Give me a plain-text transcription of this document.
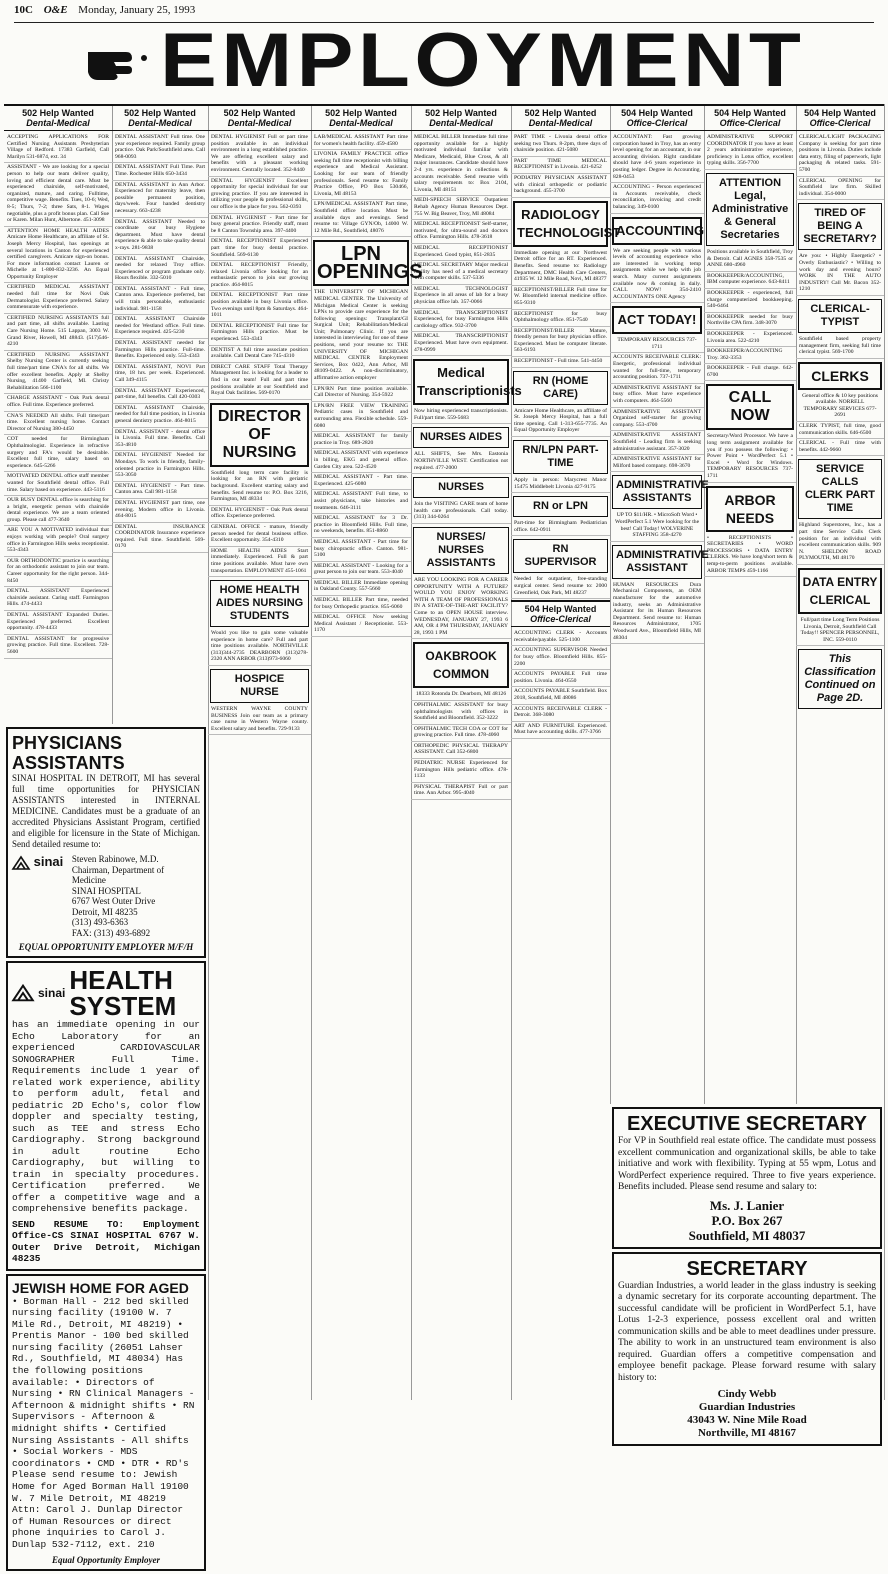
10C O&E Monday, January 25, 1993
EMPLOYMENT
502 Help Wanted
Dental-Medical
ACCEPTING APPLICATIONS FOR Certified Nursing Assistants Presbyterian Village of Redford. 17383 Garfield, Call Marilyn 531-6874, ext. 34
ASSISTANT - We are looking for a special person to help our team deliver quality, loving and efficient dental care. Must be experienced chairside, self-motivated, organized, mature, and caring. Fulltime, competitive wage. Benefits. Tues, 10-6; Wed, 8-5; Thurs, 7-2; three Sats, 8-1. Wages negotiable, plus a profit bonus plan. Call Sue or Karen. Milan Hunt, Albertone. 451-3098
ATTENTION HOME HEALTH AIDES Amicare Home Healthcare, an affiliate of St. Joseph Mercy Hospital, has openings at several locations in Canton for experienced certified caregivers. Amicare sign-on bonus. For more information contact Lauren or Michelle at 1-800-832-3236. An Equal Opportunity Employer
CERTIFIED MEDICAL ASSISTANT needed full time for Novi Oak Dermatologist. Experience preferred. Salary commensurate with experience.
CERTIFIED NURSING ASSISTANTS full and part time, all shifts available. Lasting Care Nursing Home. 515 Lappan, 3003 W. Grand River, Howell, MI 48843. (517)546-4210
CERTIFIED NURSING ASSISTANT Shelby Nursing Center is currently seeking full time/part time CNA's for all shifts. We offer excellent benefits. Apply at Shelby Nursing, 41400 Garfield, MI. Christy Rehabilitation 566-1100
CHARGE ASSISTANT - Oak Park dental office. Full time. Experience preferred.
CNA'S NEEDED All shifts. Full time/part time. Excellent nursing home. Contact Director of Nursing 380-4450
COT needed for Birmingham Ophthalmologist. Experience in refractive surgery and FA's would be desirable. Excellent full time, salary based on experience. 645-5266
MOTIVATED DENTAL office staff member wanted for Southfield dental office. Full time. Salary based on experience. 443-5116
OUR BUSY DENTAL office is searching for a bright, energetic person with chairside dental experience. We are a team oriented group. Please call 477-3640
ARE YOU A MOTIVATED individual that enjoys working with people? Oral surgery office in Farmington Hills seeks receptionist. 553-4343
OUR ORTHODONTIC practice is searching for an orthodontic assistant to join our team. Career opportunity for the right person. 344-8450
DENTAL ASSISTANT Experienced chairside assistant. Caring staff. Farmington Hills. 474-4433
DENTAL ASSISTANT Expanded Duties. Experienced preferred. Excellent opportunity. 478-4433
DENTAL ASSISTANT for progressive growing practice. Full time. Excellent. 728-5600
502 Help Wanted
Dental-Medical
DENTAL ASSISTANT Full time. One year experience required. Family group practice. Oak Park/Southfield area. Call 968-0093
DENTAL ASSISTANT Full Time. Part Time. Rochester Hills 650-3434
DENTAL ASSISTANT in Ann Arbor. Experienced for maternity leave, then possible permanent position, days/week. Four handed dentistry necessary. 663-4238
DENTAL ASSISTANT Needed to coordinate our busy Hygiene department. Must have dental experience & able to take quality dental x-rays. 281-9838
DENTAL ASSISTANT Chairside, needed for relaxed Troy office. Experienced or program graduate only. Hours flexible. 332-5010
DENTAL ASSISTANT - Full time, Canton area. Experience preferred, but will train personable, enthusiastic individual. 981-1158
DENTAL ASSISTANT Chairside needed for Westland office. Full time. Experience required. 425-5230
DENTAL ASSISTANT needed for Farmington Hills practice. Full-time. Benefits. Experienced only. 553-4343
DENTAL ASSISTANT, NOVI Part time, 18 hrs. per week. Experienced. Call 349-4115
DENTAL ASSISTANT Experienced, part-time, full benefits. Call 420-0303
DENTAL ASSISTANT Chairside, needed for full time position, in Livonia general dentistry practice. 464-8015
DENTAL ASSISTANT - dental office in Livonia. Full time. Benefits. Call 353-4810
DENTAL HYGIENIST Needed for Mondays. To work in friendly, family-oriented practice in Farmington Hills. 553-3050
DENTAL HYGIENIST - Part time. Canton area. Call 981-1158
DENTAL HYGIENIST part time, one evening. Modern office in Livonia. 464-8015
DENTAL INSURANCE COORDINATOR Insurance experience required. Full time. Southfield. 569-0170
PHYSICIANS ASSISTANTS
SINAI HOSPITAL IN DETROIT, MI has several full time opportunities for PHYSICIAN ASSISTANTS interested in INTERNAL MEDICINE. Candidates must be a graduate of an accredited Physicians Assistant Program, certified and eligible for licensure in the State of Michigan. Send detailed resume to:
sinai Steven Rabinowe, M.D.
Chairman, Department of Medicine
SINAI HOSPITAL
6767 West Outer Drive
Detroit, MI 48235
(313) 493-6363
FAX: (313) 493-6892
EQUAL OPPORTUNITY EMPLOYER M/F/H
sinai HEALTH SYSTEM
has an immediate opening in our Echo Laboratory for an experienced CARDIOVASCULAR SONOGRAPHER Full Time. Requirements include 1 year of related work experience, ability to perform adult, fetal and pediatric 2D Echo's, color flow doppler and specialty testing, such as TEE and stress Echo Cardiography. Strong background in adult routine Echo Cardiography, but willing to train in specialty procedures. Certification preferred. We offer a competitive wage and a comprehensive benefits package.
SEND RESUME TO: Employment Office-CS SINAI HOSPITAL 6767 W. Outer Drive Detroit, Michigan 48235
JEWISH HOME FOR AGED
• Borman Hall - 212 bed skilled nursing facility (19100 W. 7 Mile Rd., Detroit, MI 48219) • Prentis Manor - 100 bed skilled nursing facility (26051 Lahser Rd., Southfield, MI 48034) Has the following positions available: • Directors of Nursing • RN Clinical Managers - Afternoon & midnight shifts • RN Supervisors - Afternoon & midnight shifts • Certified Nursing Assistants - All shifts • Social Workers - MDS coordinators • CMD • DTR • RD's Please send resume to: Jewish Home for Aged Borman Hall 19100 W. 7 Mile Detroit, MI 48219 Attn: Carol J. Dunlap Director of Human Resources or direct phone inquiries to Carol J. Dunlap 532-7112, ext. 210
Equal Opportunity Employer
502 Help Wanted
Dental-Medical
DENTAL HYGIENIST Full or part time position available in an individual environment in a long established practice. We are offering excellent salary and benefits with a pleasant working environment. Centrally located. 352-8440
DENTAL HYGIENIST Excellent opportunity for special individual for our growing practice. If you are interested in utilizing your people & professional skills, our office is the place for you. 562-0393
DENTAL HYGIENIST - Part time for busy general practice. Friendly staff, must be 8 Canton Township area. 397-4400
DENTAL RECEPTIONIST Experienced part time for busy dental practice. Southfield. 569-6130
DENTAL RECEPTIONIST Friendly, relaxed Livonia office looking for an enthusiastic person to join our growing practice. 464-8015
DENTAL RECEPTIONIST Part time position available in busy Livonia office. Two evenings until 8pm & Saturdays. 464-1011
DENTAL RECEPTIONIST Full time for Farmington Hills practice. Must be experienced. 553-4343
DENTIST A full time associate position available. Call Dental Care 745-4310
DIRECT CARE STAFF Total Therapy Management Inc. is looking for a leader to find in our team! Full and part time positions available at our Southfield and Royal Oak facilities. 569-0170
DIRECTOR OF NURSING
Southfield long term care facility is looking for an RN with geriatric background. Excellent starting salary and benefits. Send resume to: P.O. Box 3216, Farmington, MI 48334
DENTAL HYGIENIST - Oak Park dental office. Experience preferred.
GENERAL OFFICE - mature, friendly person needed for dental business office. Excellent opportunity. 354-4310
HOME HEALTH AIDES Start immediately. Experienced. Full & part time positions available. Must have own transportation. EMPLOYMENT 455-1061
HOME HEALTH AIDES NURSING STUDENTS
Would you like to gain some valuable experience in home care? Full and part time positions available. NORTHVILLE (313)344-2735 DEARBORN (313)278-2320 ANN ARBOR (313)973-6060
HOSPICE NURSE
WESTERN WAYNE COUNTY BUSINESS Join our team as a primary case nurse in Western Wayne county. Excellent salary and benefits. 729-9133
502 Help Wanted
Dental-Medical
LAB/MEDICAL ASSISTANT Part time for women's health facility. 459-4580
LIVONIA FAMILY PRACTICE office seeking full time receptionist with billing experience and Medical Assistant. Looking for our team of friendly professionals. Send resume to: Family Practice Office, PO Box 530466, Livonia, MI 48153
LPN/MEDICAL ASSISTANT Part time, Southfield office location. Must be available days and evenings. Send resume to: Village GYN/Ob, 14000 W. 12 Mile Rd., Southfield, 48076
LPN OPENINGS
THE UNIVERSITY OF MICHIGAN MEDICAL CENTER. The University of Michigan Medical Center is seeking LPNs to provide care experience for the following openings: Transplant/GI Surgical Unit; Rehabilitation/Medical Unit; Pulmonary Clinic. If you are interested in interviewing for one of these positions, send your resume to: THE UNIVERSITY OF MICHIGAN MEDICAL CENTER Employment Services, Box 0422, Ann Arbor, MI 48109-0422. A non-discriminatory, affirmative action employer
LPN/RN Part time position available. Call Director of Nursing. 354-5922
LPN/RN FREE VIEW TRAINING Pediatric cases in Southfield and surrounding area. Flexible schedule. 559-6080
MEDICAL ASSISTANT for family practice in Troy. 689-2820
MEDICAL ASSISTANT with experience in billing, EKG and general office. Garden City area. 522-4520
MEDICAL ASSISTANT - Part time. Experienced. 425-6080
MEDICAL ASSISTANT Full time, to assist physicians, take histories and treatments. 646-3111
MEDICAL ASSISTANT for 3 Dr. practice in Bloomfield Hills. Full time, no weekends, benefits. 851-8860
MEDICAL ASSISTANT - Part time for busy chiropractic office. Canton. 981-5100
MEDICAL ASSISTANT - Looking for a great person to join our team. 553-4040
MEDICAL BILLER Immediate opening in Oakland County. 557-5660
MEDICAL BILLER Part time, needed for busy Orthopedic practice. 855-6060
MEDICAL OFFICE Now seeking Medical Assistant / Receptionist. 553-1170
502 Help Wanted
Dental-Medical
MEDICAL BILLER Immediate full time opportunity available for a highly motivated individual familiar with Medicare, Medicaid, Blue Cross, & all major insurances. Candidate should have 2-4 yrs. experience in collections & accounts receivable. Send resume with salary requirements to: Box 2104, Livonia, MI 48151
MEDI-SPEECH SERVICE Outpatient Rehab Agency Human Resources Dept. 755 W. Big Beaver, Troy, MI 48084
MEDICAL RECEPTIONIST Self-starter, motivated, for ultra-sound and doctors office. Farmington Hills. 478-3618
MEDICAL RECEPTIONIST Experienced. Good typist, 851-2835
MEDICAL SECRETARY Major medical facility has need of a medical secretary with computer skills. 537-5336
MEDICAL TECHNOLOGIST Experience in all areas of lab for a busy physician office lab. 357-0066
MEDICAL TRANSCRIPTIONIST Experienced, for busy Farmington Hills cardiology office. 932-3700
MEDICAL TRANSCRIPTIONIST Experienced. Must have own equipment. 478-0999
Medical Transcriptionists
Now hiring experienced transcriptionists. Full/part time. 559-5683
NURSES AIDES
ALL SHIFTS, See Mrs. Eastonia NORTHVILLE WEST. Certification not required. 477-2000
NURSES
Join the VISITING CARE team of home health care professionals. Call today. (313) 344-0264
NURSES/ NURSES ASSISTANTS
ARE YOU LOOKING FOR A CAREER OPPORTUNITY WITH A FUTURE? WOULD YOU ENJOY WORKING WITH A TEAM OF PROFESSIONALS IN A STATE-OF-THE-ART FACILITY? Come to an OPEN HOUSE interview. WEDNESDAY, JANUARY 27, 1993 6 AM, OR 4 PM THURSDAY, JANUARY 28, 1993 1 PM
OAKBROOK COMMON
18333 Rotonda Dr. Dearborn, MI 48126
OPHTHALMIC ASSISTANT for busy ophthalmologists with offices in Southfield and Bloomfield. 352-3222
OPHTHALMIC TECH COA or COT for growing practice. Full time. 478-4060
ORTHOPEDIC PHYSICAL THERAPY ASSISTANT. Call 352-6800
PEDIATRIC NURSE Experienced for Farmington Hills pediatric office. 478-1133
PHYSICAL THERAPIST Full or part time. Ann Arbor. 995-4040
502 Help Wanted
Dental-Medical
PART TIME - Livonia dental office seeking two Thurs. 8-2pm, three days of chairside position. 421-5080
PART TIME MEDICAL RECEPTIONIST in Livonia. 421-6252
PODIATRY PHYSICIAN ASSISTANT with clinical orthopedic or podiatric background. 455-3700
RADIOLOGY TECHNOLOGIST
Immediate opening at our Northwest Detroit office for an RT. Experienced. Benefits. Send resume to: Radiology Department, DMC Health Care Centers, 41935 W. 12 Mile Road, Novi, MI 48377
RECEPTIONIST/BILLER Full time for W. Bloomfield internal medicine office. 855-9310
RECEPTIONIST for busy Ophthalmology office. 851-7540
RECEPTIONIST/BILLER Mature, friendly person for busy physician office. Experienced. Must be computer literate. 563-6193
RECEPTIONIST - Full time. 541-4450
RN (HOME CARE)
Amicare Home Healthcare, an affiliate of St. Joseph Mercy Hospital, has a full time opening. Call 1-313-655-7735. An Equal Opportunity Employer
RN/LPN PART-TIME
Apply in person: Marycrest Manor 15475 Middlebelt Livonia 427-9175
RN or LPN
Part-time for Birmingham Pediatrician office. 642-0911
RN SUPERVISOR
Needed for outpatient, free-standing surgical center. Send resume to: 2000 Greenfield, Oak Park, MI 48237
504 Help Wanted
Office-Clerical
ACCOUNTING CLERK - Accounts receivable/payable. 525-1100
ACCOUNTING SUPERVISOR Needed for busy office. Bloomfield Hills. 855-2200
ACCOUNTS PAYABLE Full time position. Livonia. 464-0550
ACCOUNTS PAYABLE Southfield. Box 2018, Southfield, MI 48086
ACCOUNTS RECEIVABLE CLERK - Detroit. 368-3080
ART AND FURNITURE Experienced. Must have accounting skills. 477-3766
504 Help Wanted
Office-Clerical
ACCOUNTANT: Fast growing corporation based in Troy, has an entry level opening for an accountant, in our accounting division. Right candidate should have 4-6 years experience in posting ledger. Degree in Accounting. 828-0453
ACCOUNTING - Person experienced in Accounts receivable, check reconciliation, invoicing and credit balancing. 349-0100
ACCOUNTING
We are seeking people with various levels of accounting experience who are interested in working temp assignments while we help with job search. Many current assignments available now & coming in daily. CALL NOW! 354-2410 ACCOUNTANTS ONE Agency
ACT TODAY!
TEMPORARY RESOURCES 737-1711
ACCOUNTS RECEIVABLE CLERK: Energetic, professional individual wanted for full-time, temporary accounting position. 737-1711
ADMINISTRATIVE ASSISTANT for busy office. Must have experience with computers. 464-5560
ADMINISTRATIVE ASSISTANT Organized self-starter for growing company. 553-4700
ADMINISTRATIVE ASSISTANT Southfield - Leading firm is seeking administrative assistant. 357-3020
ADMINISTRATIVE ASSISTANT for Milford based company. 698-3670
ADMINISTRATIVE ASSISTANTS
UP TO $11/HR. • MicroSoft Word • WordPerfect 5.1 Were looking for the best! Call Today! WOLVERINE STAFFING 358-4270
ADMINISTRATIVE ASSISTANT
HUMAN RESOURCES Dura Mechanical Components, an OEM manufacturer for the automotive industry, seeks an Administrative Assistant for its Human Resources Department. Send resume to: Human Resources Administrator, 1705 Woodward Ave., Bloomfield Hills, MI 48304
504 Help Wanted
Office-Clerical
ADMINISTRATIVE SUPPORT COORDINATOR If you have at least 2 years administrative experience, proficiency in Lotus office, excellent typing skills. 356-7700
ATTENTION Legal, Administrative & General Secretaries
Positions available in Southfield, Troy & Detroit. Call AGNES 358-7535 or ANNE 680-4960
BOOKKEEPER/ACCOUNTING, IBM computer experience. 643-8411
BOOKKEEPER - experienced, full charge computerized bookkeeping. 540-6464
BOOKKEEPER needed for busy Northville CPA firm. 348-3070
BOOKKEEPER - Experienced. Livonia area. 522-4210
BOOKKEEPER/ACCOUNTING Troy. 362-3353
BOOKKEEPER - Full charge. 642-6700
CALL NOW
Secretary/Word Processor. We have a long term assignment available for you if you possess the following: • Power Point • WordPerfect 5.1 • Excel • Word for Windows. TEMPORARY RESOURCES 737-1711
ARBOR NEEDS
• RECEPTIONISTS • SECRETARIES • WORD PROCESSORS • DATA ENTRY CLERKS. We have long/short term & temp-to-perm positions available. ARBOR TEMPS 459-1166
504 Help Wanted
Office-Clerical
CLERICAL/LIGHT PACKAGING Company is seeking for part time positions in Livonia. Duties include data entry, filing of paperwork, light packaging & related tasks. 591-5700
CLERICAL OPENING for Southfield law firm. Skilled individual. 354-0000
TIRED OF BEING A SECRETARY?
Are you: • Highly Energetic? • Overly Enthusiastic? • Willing to work day and evening hours? WORK IN THE AUTO INDUSTRY! Call Mr. Bacon 352-1210
CLERICAL-TYPIST
Southfield based property management firm, seeking full time clerical typist. 569-1700
CLERKS
General office & 10 key positions available. NORRELL TEMPORARY SERVICES 677-2691
CLERK TYPIST, full time, good communication skills. 646-6500
CLERICAL - Full time with benefits. 442-9660
SERVICE CALLS CLERK PART TIME
Highland Superstores, Inc., has a part time Service Calls Clerk position for an individual with excellent communication skills. 909 N. SHELDON ROAD PLYMOUTH, MI 48170
DATA ENTRY CLERICAL
Full/part time Long Term Positions Livonia, Detroit, Southfield Call Today!! SPENCER PERSONNEL, INC. 559-0110
This Classification Continued on Page 2D.
EXECUTIVE SECRETARY
For VP in Southfield real estate office. The candidate must possess excellent communication and organizational skills, be able to take initiative and work with flexibility. Typing at 55 wpm, Lotus and WordPerfect experience required. Three to five years experience. Benefits included. Please send resume and salary to:
Ms. J. Lanier
P.O. Box 267
Southfield, MI 48037
SECRETARY
Guardian Industries, a world leader in the glass industry is seeking a dynamic secretary for its corporate accounting department. The successful candidate will be proficient in WordPerfect 5.1, have Lotus 1-2-3 experience, possess excellent oral and written communication skills and be able to meet deadlines under pressure. The ability to work in an unstructured team environment is also required. Guardian offers a competitive compensation and employee benefit package. Please forward resume with salary history to:
Cindy Webb
Guardian Industries
43043 W. Nine Mile Road
Northville, MI 48167
